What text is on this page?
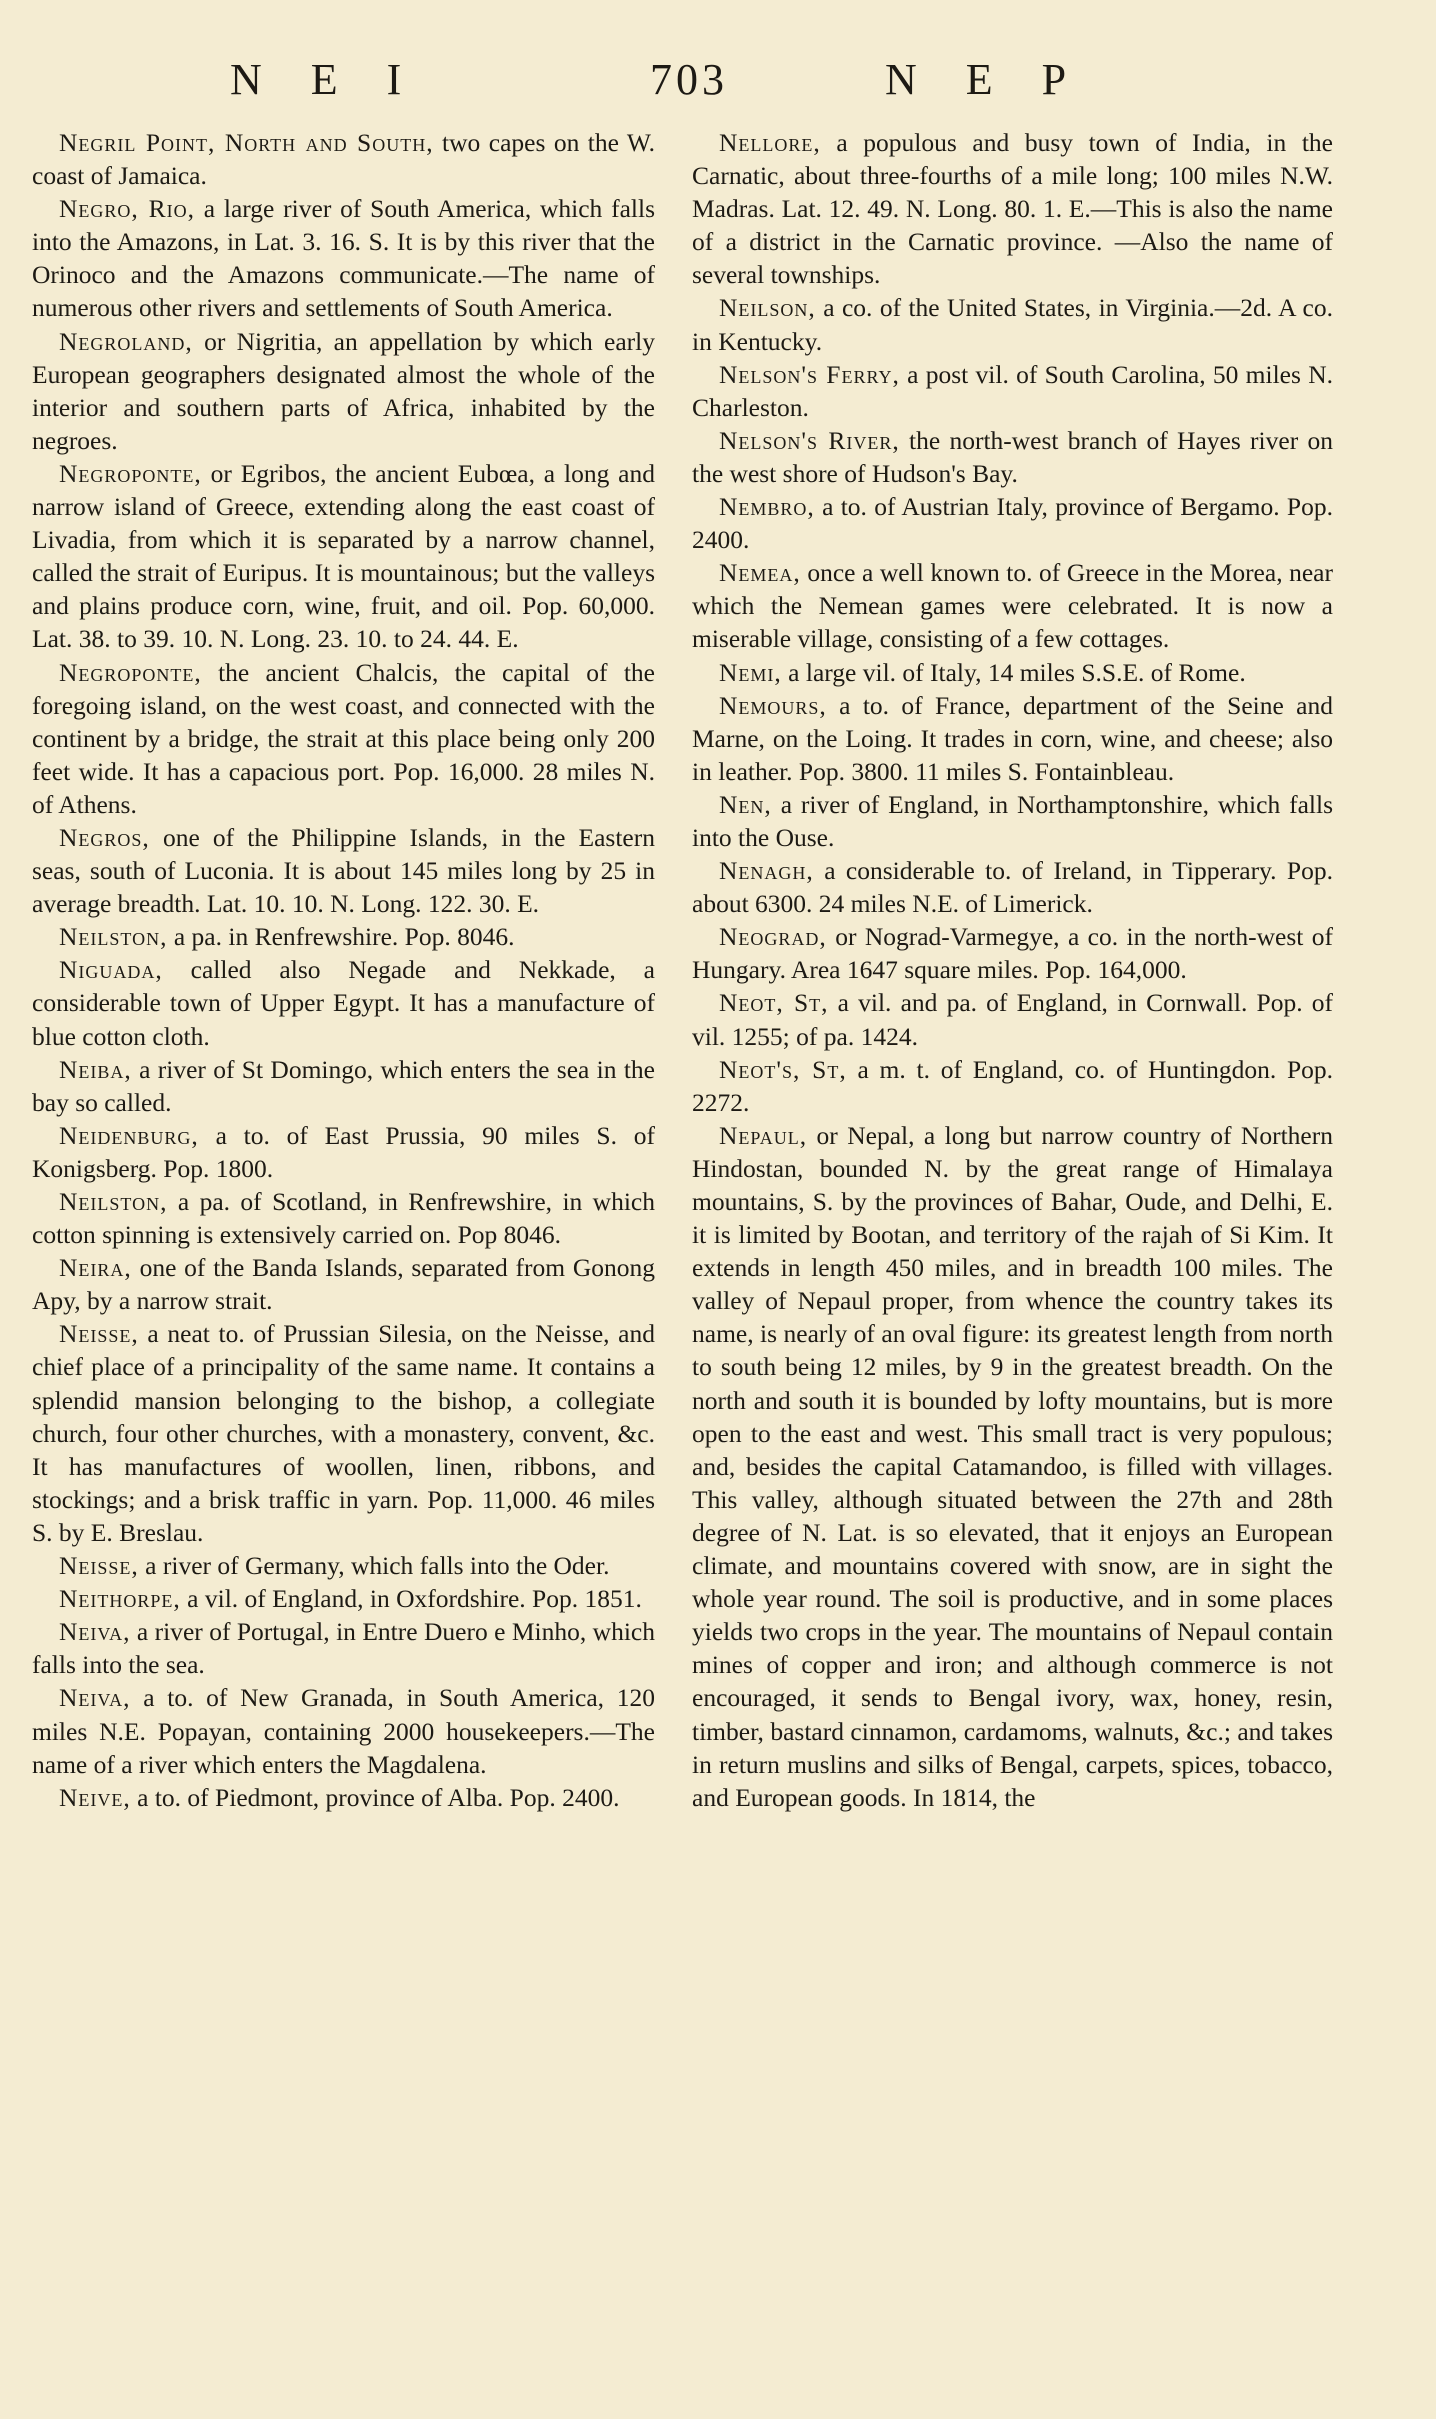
N E I	703	N E P

Negril Point, North and South, two capes on the W. coast of Jamaica.

Negro, Rio, a large river of South America, which falls into the Amazons, in Lat. 3. 16. S. It is by this river that the Orinoco and the Amazons communicate.—The name of numerous other rivers and settlements of South America.

Negroland, or Nigritia, an appellation by which early European geographers designated almost the whole of the interior and southern parts of Africa, inhabited by the negroes.

Negroponte, or Egribos, the ancient Eubœa, a long and narrow island of Greece, extending along the east coast of Livadia, from which it is separated by a narrow channel, called the strait of Euripus. It is mountainous; but the valleys and plains produce corn, wine, fruit, and oil. Pop. 60,000. Lat. 38. to 39. 10. N. Long. 23. 10. to 24. 44. E.

Negroponte, the ancient Chalcis, the capital of the foregoing island, on the west coast, and connected with the continent by a bridge, the strait at this place being only 200 feet wide. It has a capacious port. Pop. 16,000. 28 miles N. of Athens.

Negros, one of the Philippine Islands, in the Eastern seas, south of Luconia. It is about 145 miles long by 25 in average breadth. Lat. 10. 10. N. Long. 122. 30. E.

Neilston, a pa. in Renfrewshire. Pop. 8046.

Niguada, called also Negade and Nekkade, a considerable town of Upper Egypt. It has a manufacture of blue cotton cloth.

Neiba, a river of St Domingo, which enters the sea in the bay so called.

Neidenburg, a to. of East Prussia, 90 miles S. of Konigsberg. Pop. 1800.

Neilston, a pa. of Scotland, in Renfrewshire, in which cotton spinning is extensively carried on. Pop 8046.

Neira, one of the Banda Islands, separated from Gonong Apy, by a narrow strait.

Neisse, a neat to. of Prussian Silesia, on the Neisse, and chief place of a principality of the same name. It contains a splendid mansion belonging to the bishop, a collegiate church, four other churches, with a monastery, convent, &c. It has manufactures of woollen, linen, ribbons, and stockings; and a brisk traffic in yarn. Pop. 11,000. 46 miles S. by E. Breslau.

Neisse, a river of Germany, which falls into the Oder.

Neithorpe, a vil. of England, in Oxfordshire. Pop. 1851.

Neiva, a river of Portugal, in Entre Duero e Minho, which falls into the sea.

Neiva, a to. of New Granada, in South America, 120 miles N.E. Popayan, containing 2000 housekeepers.—The name of a river which enters the Magdalena.

Neive, a to. of Piedmont, province of Alba. Pop. 2400.

Nellore, a populous and busy town of India, in the Carnatic, about three-fourths of a mile long; 100 miles N.W. Madras. Lat. 12. 49. N. Long. 80. 1. E.—This is also the name of a district in the Carnatic province. —Also the name of several townships.

Neilson, a co. of the United States, in Virginia.—2d. A co. in Kentucky.

Nelson's Ferry, a post vil. of South Carolina, 50 miles N. Charleston.

Nelson's River, the north-west branch of Hayes river on the west shore of Hudson's Bay.

Nembro, a to. of Austrian Italy, province of Bergamo. Pop. 2400.

Nemea, once a well known to. of Greece in the Morea, near which the Nemean games were celebrated. It is now a miserable village, consisting of a few cottages.

Nemi, a large vil. of Italy, 14 miles S.S.E. of Rome.

Nemours, a to. of France, department of the Seine and Marne, on the Loing. It trades in corn, wine, and cheese; also in leather. Pop. 3800. 11 miles S. Fontainbleau.

Nen, a river of England, in Northamptonshire, which falls into the Ouse.

Nenagh, a considerable to. of Ireland, in Tipperary. Pop. about 6300. 24 miles N.E. of Limerick.

Neograd, or Nograd-Varmegye, a co. in the north-west of Hungary. Area 1647 square miles. Pop. 164,000.

Neot, St, a vil. and pa. of England, in Cornwall. Pop. of vil. 1255; of pa. 1424.

Neot's, St, a m. t. of England, co. of Huntingdon. Pop. 2272.

Nepaul, or Nepal, a long but narrow country of Northern Hindostan, bounded N. by the great range of Himalaya mountains, S. by the provinces of Bahar, Oude, and Delhi, E. it is limited by Bootan, and territory of the rajah of Si Kim. It extends in length 450 miles, and in breadth 100 miles. The valley of Nepaul proper, from whence the country takes its name, is nearly of an oval figure: its greatest length from north to south being 12 miles, by 9 in the greatest breadth. On the north and south it is bounded by lofty mountains, but is more open to the east and west. This small tract is very populous; and, besides the capital Catamandoo, is filled with villages. This valley, although situated between the 27th and 28th degree of N. Lat. is so elevated, that it enjoys an European climate, and mountains covered with snow, are in sight the whole year round. The soil is productive, and in some places yields two crops in the year. The mountains of Nepaul contain mines of copper and iron; and although commerce is not encouraged, it sends to Bengal ivory, wax, honey, resin, timber, bastard cinnamon, cardamoms, walnuts, &c.; and takes in return muslins and silks of Bengal, carpets, spices, tobacco, and European goods. In 1814, the
